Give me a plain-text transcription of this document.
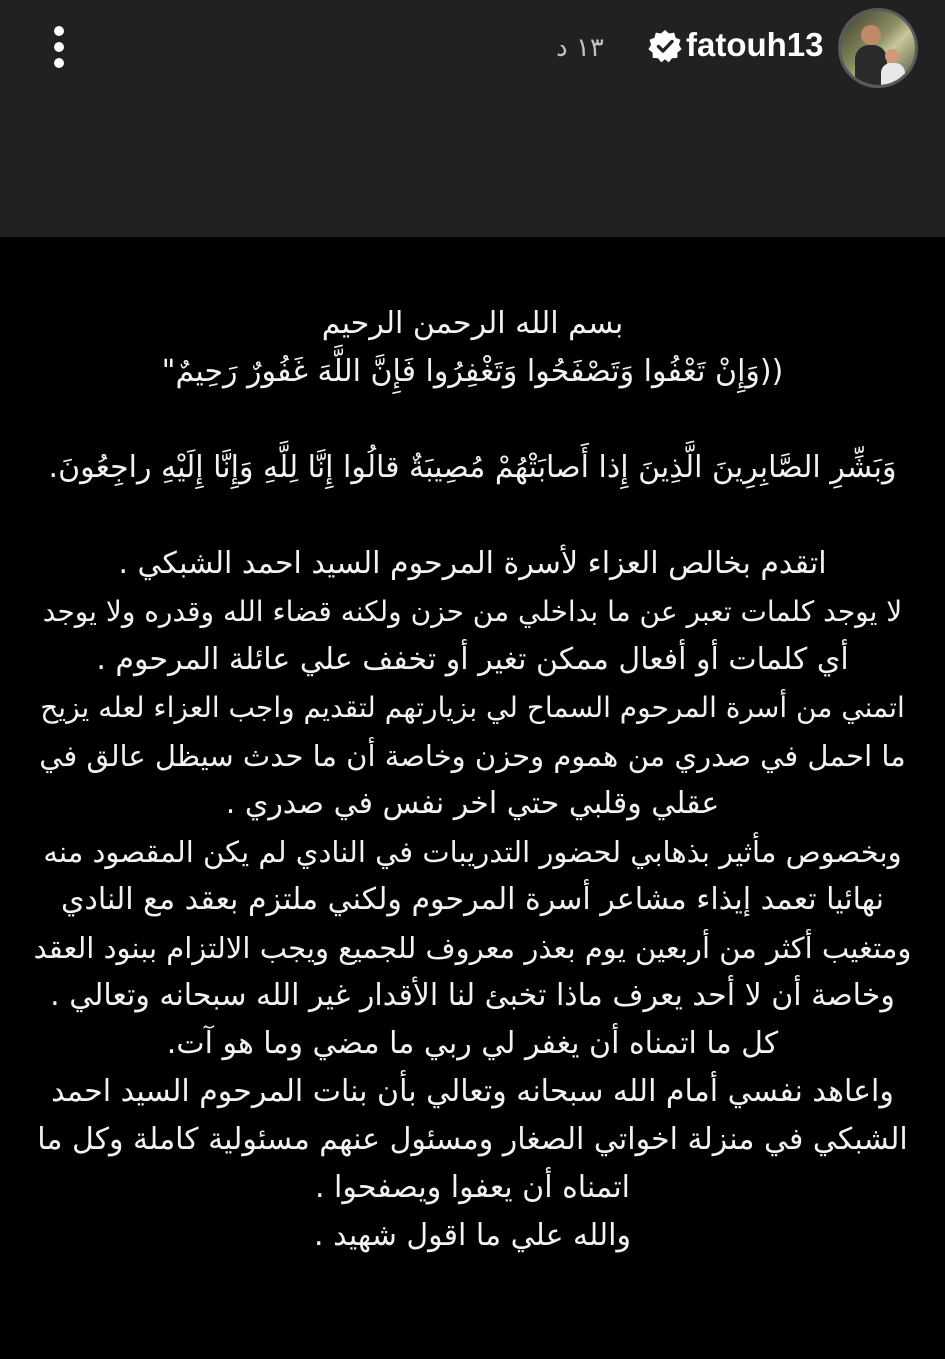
fatouh13
١٣ د
بسم الله الرحمن الرحيم
((وَإِنْ تَعْفُوا وَتَصْفَحُوا وَتَغْفِرُوا فَإِنَّ اللَّهَ غَفُورٌ رَحِيمٌ"
وَبَشِّرِ الصَّابِرِينَ الَّذِينَ إِذا أَصابَتْهُمْ مُصِيبَةٌ قالُوا إِنَّا لِلَّهِ وَإِنَّا إِلَيْهِ راجِعُونَ.
اتقدم بخالص العزاء لأسرة المرحوم السيد احمد الشبكي .
لا يوجد كلمات تعبر عن ما بداخلي من حزن ولكنه قضاء الله وقدره ولا يوجد
أي كلمات أو أفعال ممكن تغير أو تخفف علي عائلة المرحوم .
اتمني من أسرة المرحوم السماح لي بزيارتهم لتقديم واجب العزاء لعله يزيح
ما احمل في صدري من هموم وحزن وخاصة أن ما حدث سيظل عالق في
عقلي وقلبي حتي اخر نفس في صدري .
وبخصوص مأثير بذهابي لحضور التدريبات في النادي لم يكن المقصود منه
نهائيا تعمد إيذاء مشاعر أسرة المرحوم ولكني ملتزم بعقد مع النادي
ومتغيب أكثر من أربعين يوم بعذر معروف للجميع ويجب الالتزام ببنود العقد
وخاصة أن لا أحد يعرف ماذا تخبئ لنا الأقدار غير الله سبحانه وتعالي .
كل ما اتمناه أن يغفر لي ربي ما مضي وما هو آت.
واعاهد نفسي أمام الله سبحانه وتعالي بأن بنات المرحوم السيد احمد
الشبكي في منزلة اخواتي الصغار ومسئول عنهم مسئولية كاملة وكل ما
اتمناه أن يعفوا ويصفحوا .
والله علي ما اقول شهيد .
